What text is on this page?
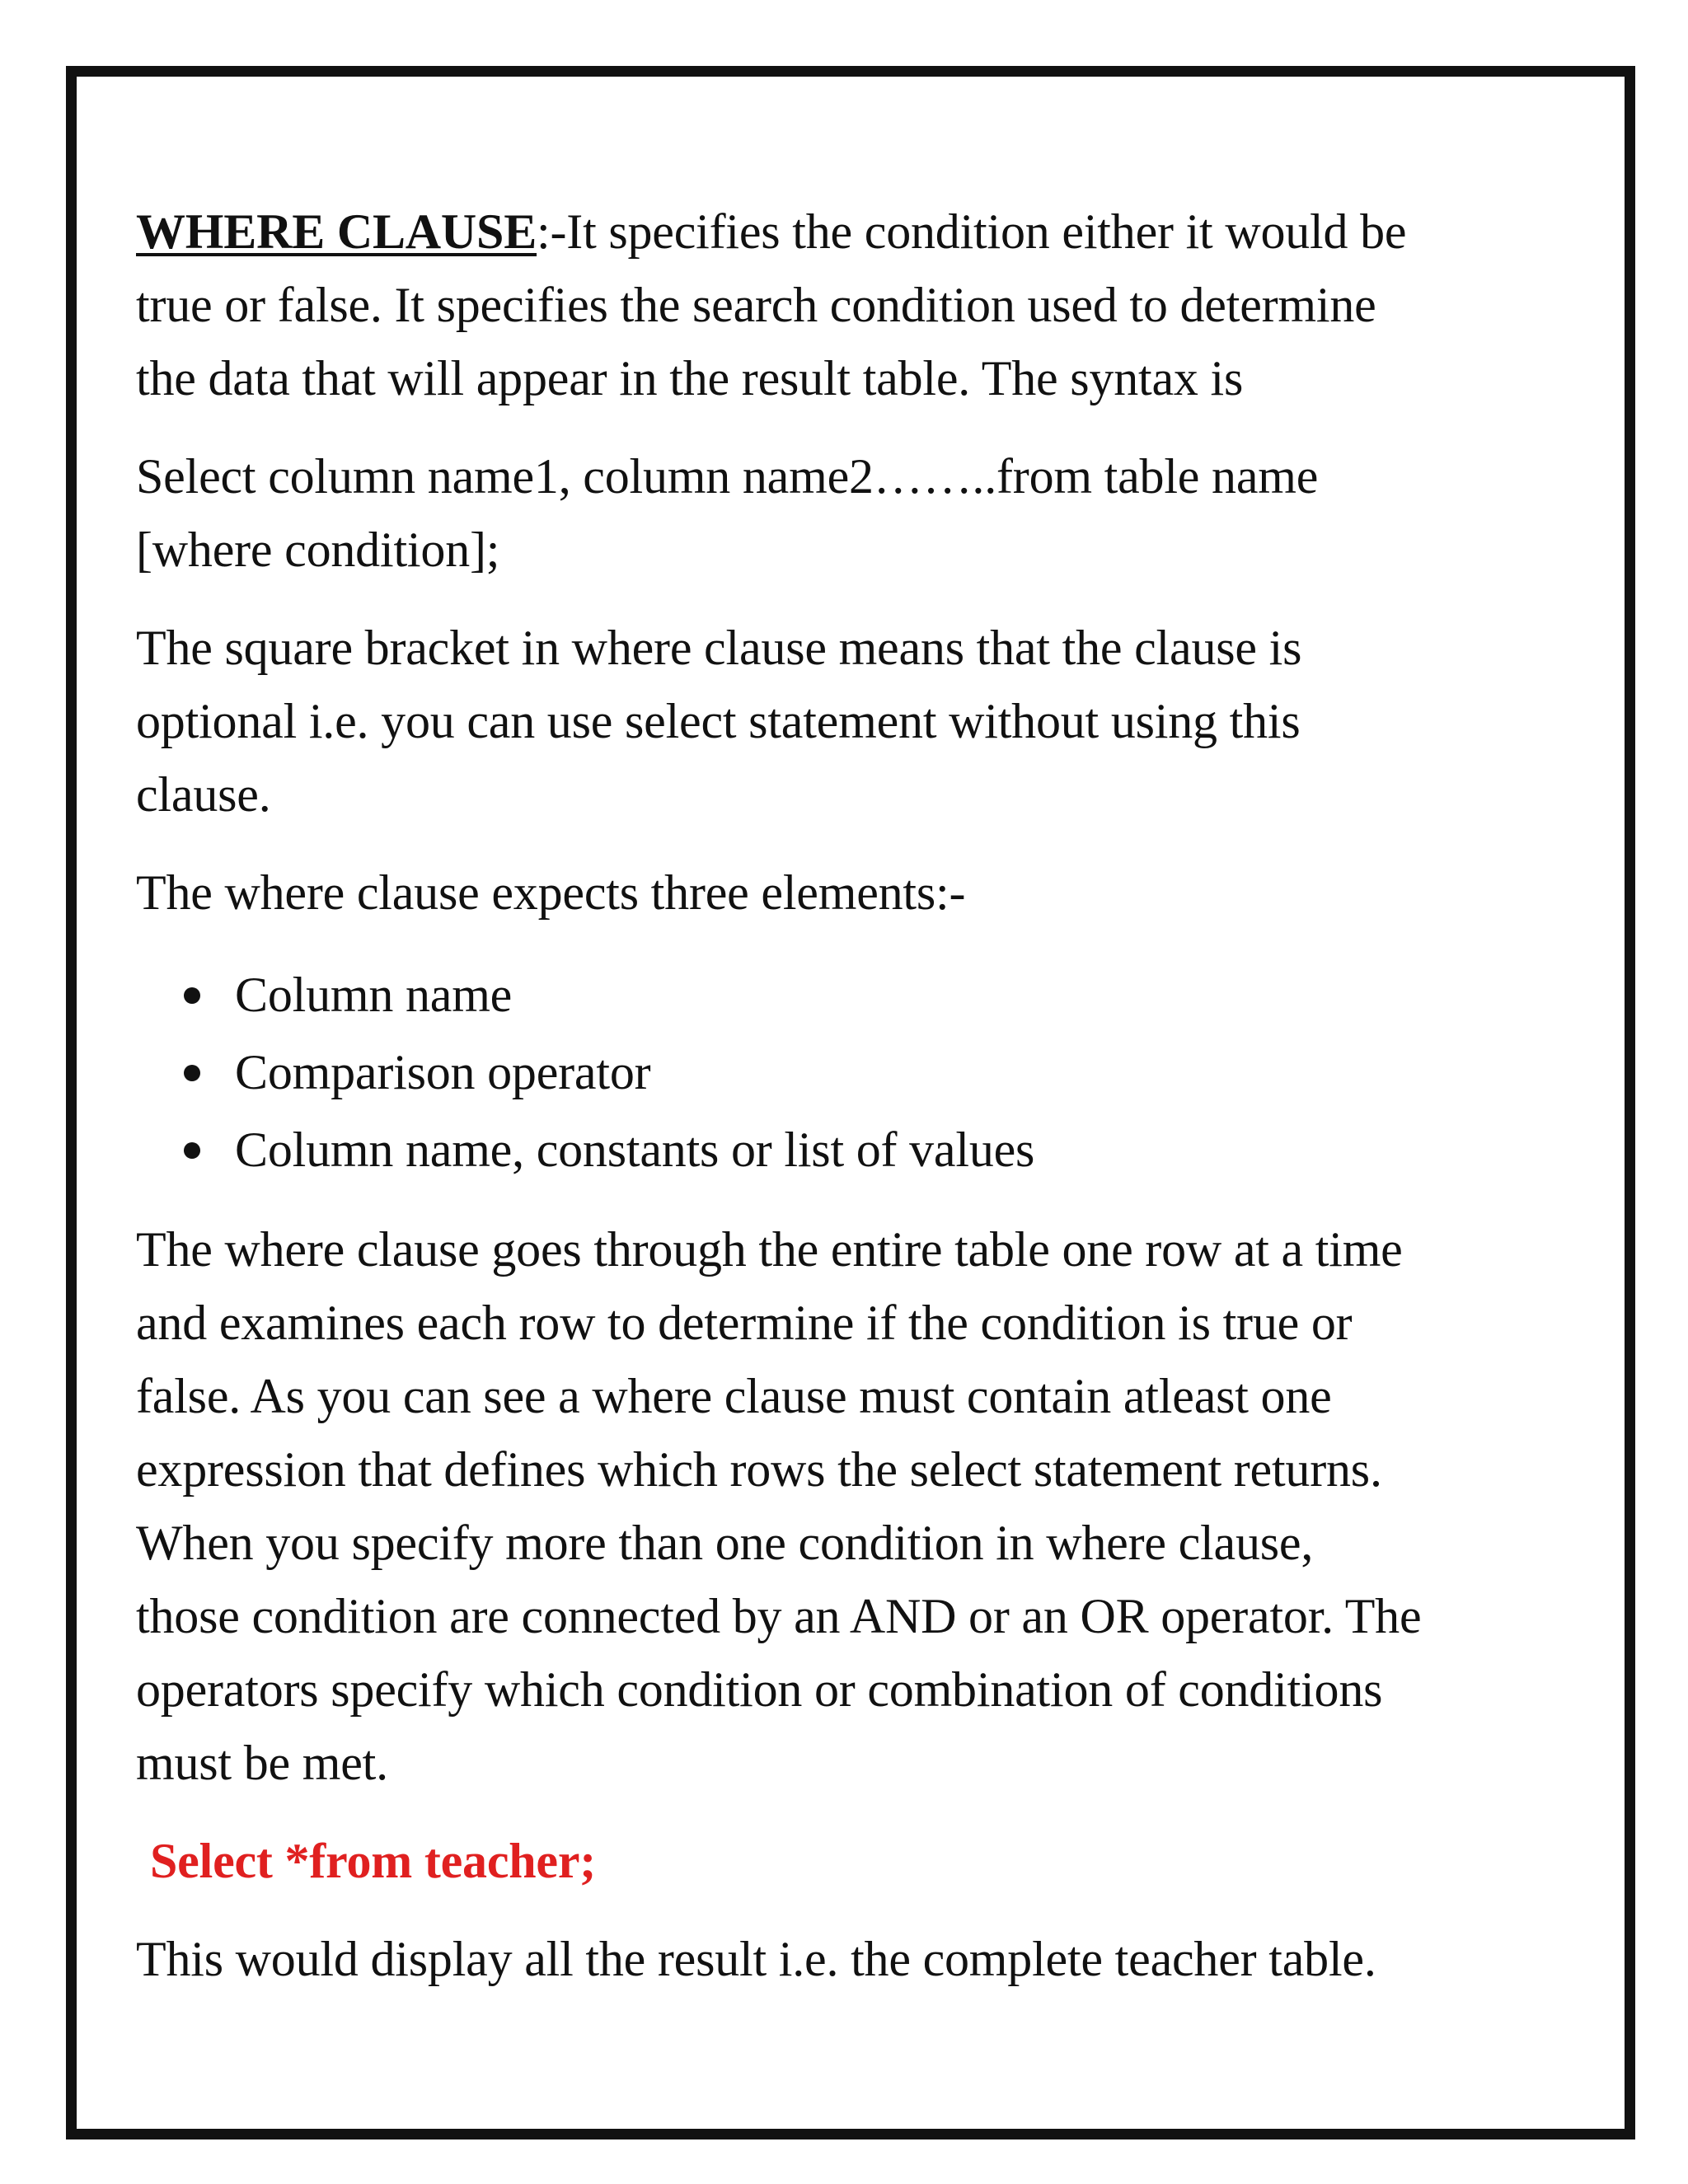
WHERE CLAUSE:-It specifies the condition either it would be
true or false. It specifies the search condition used to determine
the data that will appear in the result table. The syntax is

Select column name1, column name2……..from table name
[where condition];

The square bracket in where clause means that the clause is
optional i.e. you can use select statement without using this
clause.

The where clause expects three elements:-

Column name
Comparison operator
Column name, constants or list of values

The where clause goes through the entire table one row at a time
and examines each row to determine if the condition is true or
false. As you can see a where clause must contain atleast one
expression that defines which rows the select statement returns.
When you specify more than one condition in where clause,
those condition are connected by an AND or an OR operator. The
operators specify which condition or combination of conditions
must be met.

Select *from teacher;

This would display all the result i.e. the complete teacher table.
